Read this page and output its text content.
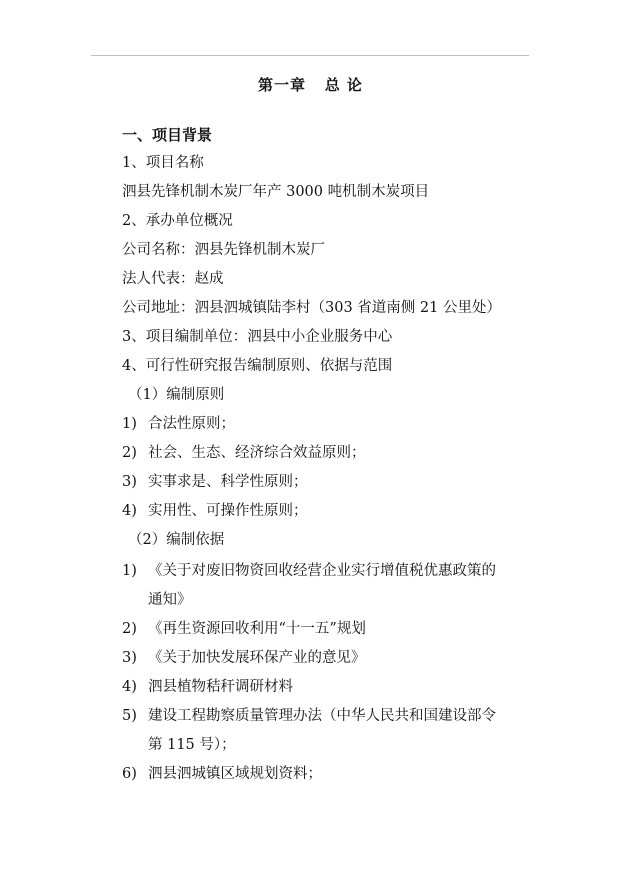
第一章   总 论
一、项目背景
1、项目名称
泗县先锋机制木炭厂年产 3000 吨机制木炭项目
2、承办单位概况
公司名称：泗县先锋机制木炭厂
法人代表：赵成
公司地址：泗县泗城镇陆李村（303 省道南侧 21 公里处）
3、项目编制单位：泗县中小企业服务中心
4、可行性研究报告编制原则、依据与范围
（1）编制原则
1) 合法性原则；
2) 社会、生态、经济综合效益原则；
3) 实事求是、科学性原则；
4) 实用性、可操作性原则；
（2）编制依据
1) 《关于对废旧物资回收经营企业实行增值税优惠政策的
通知》
2) 《再生资源回收利用“十一五”规划
3) 《关于加快发展环保产业的意见》
4) 泗县植物秸秆调研材料
5) 建设工程勘察质量管理办法（中华人民共和国建设部令
第 115 号）；
6) 泗县泗城镇区域规划资料；
